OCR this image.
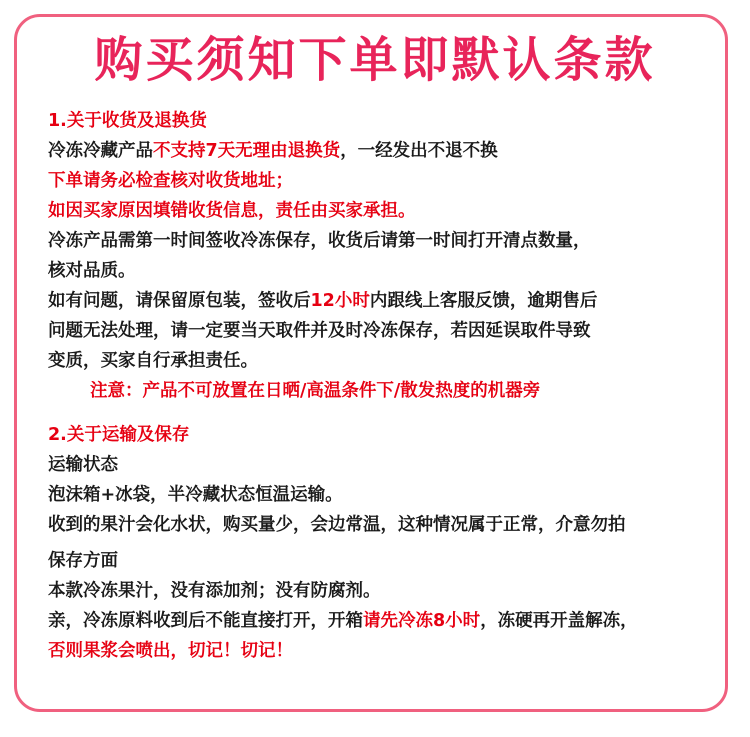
购买须知下单即默认条款
1.关于收货及退换货
冷冻冷藏产品不支持7天无理由退换货，一经发出不退不换
下单请务必检查核对收货地址；
如因买家原因填错收货信息，责任由买家承担。
冷冻产品需第一时间签收冷冻保存，收货后请第一时间打开清点数量，
核对品质。
如有问题，请保留原包装，签收后12小时内跟线上客服反馈，逾期售后
问题无法处理，请一定要当天取件并及时冷冻保存，若因延误取件导致
变质，买家自行承担责任。
注意：产品不可放置在日晒/高温条件下/散发热度的机器旁
2.关于运输及保存
运输状态
泡沫箱+冰袋，半冷藏状态恒温运输。
收到的果汁会化水状，购买量少，会边常温，这种情况属于正常，介意勿拍
保存方面
本款冷冻果汁，没有添加剂；没有防腐剂。
亲，冷冻原料收到后不能直接打开，开箱请先冷冻8小时，冻硬再开盖解冻，
否则果浆会喷出，切记！切记！
